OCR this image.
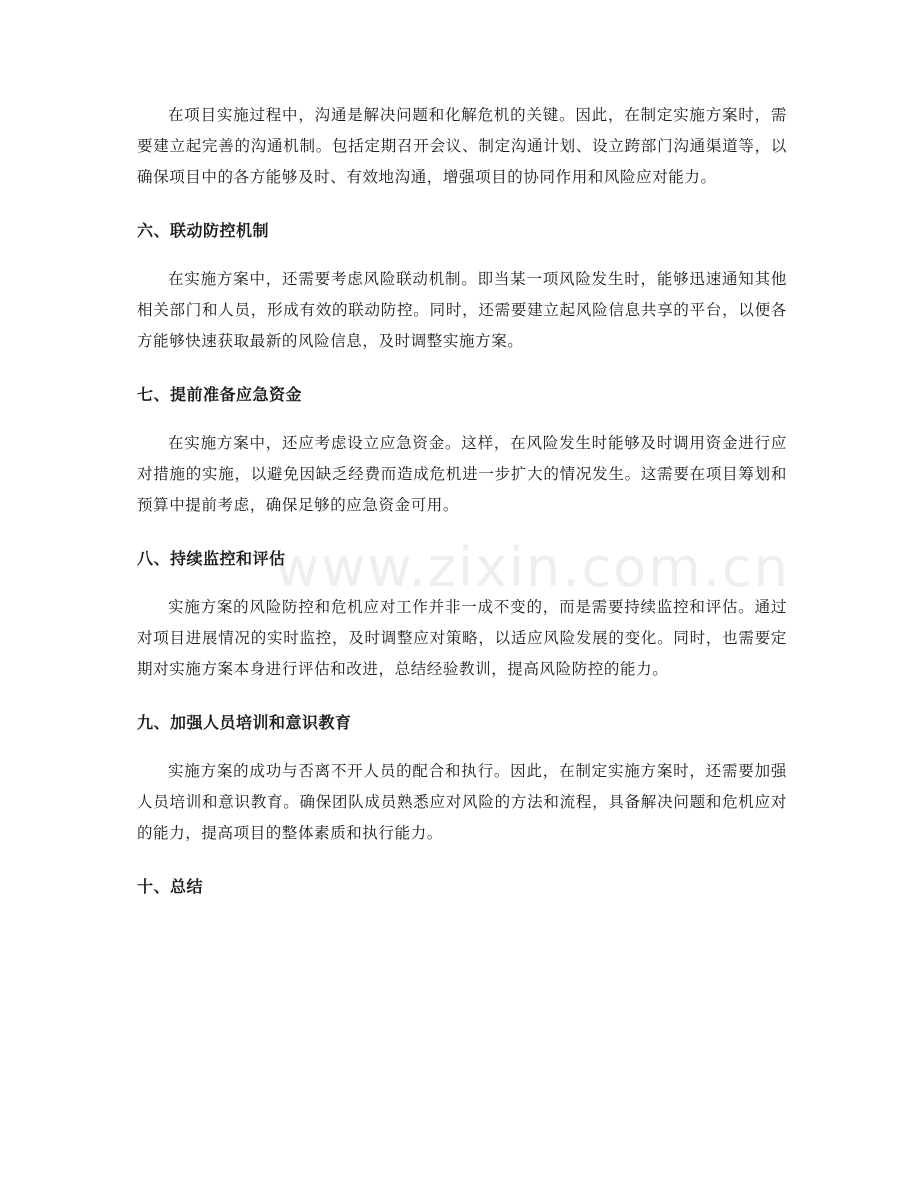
www.zixin.com.cn

在项目实施过程中，沟通是解决问题和化解危机的关键。因此，在制定实施方案时，需要建立起完善的沟通机制。包括定期召开会议、制定沟通计划、设立跨部门沟通渠道等，以确保项目中的各方能够及时、有效地沟通，增强项目的协同作用和风险应对能力。

六、联动防控机制

在实施方案中，还需要考虑风险联动机制。即当某一项风险发生时，能够迅速通知其他相关部门和人员，形成有效的联动防控。同时，还需要建立起风险信息共享的平台，以便各方能够快速获取最新的风险信息，及时调整实施方案。

七、提前准备应急资金

在实施方案中，还应考虑设立应急资金。这样，在风险发生时能够及时调用资金进行应对措施的实施，以避免因缺乏经费而造成危机进一步扩大的情况发生。这需要在项目筹划和预算中提前考虑，确保足够的应急资金可用。

八、持续监控和评估

实施方案的风险防控和危机应对工作并非一成不变的，而是需要持续监控和评估。通过对项目进展情况的实时监控，及时调整应对策略，以适应风险发展的变化。同时，也需要定期对实施方案本身进行评估和改进，总结经验教训，提高风险防控的能力。

九、加强人员培训和意识教育

实施方案的成功与否离不开人员的配合和执行。因此，在制定实施方案时，还需要加强人员培训和意识教育。确保团队成员熟悉应对风险的方法和流程，具备解决问题和危机应对的能力，提高项目的整体素质和执行能力。

十、总结
